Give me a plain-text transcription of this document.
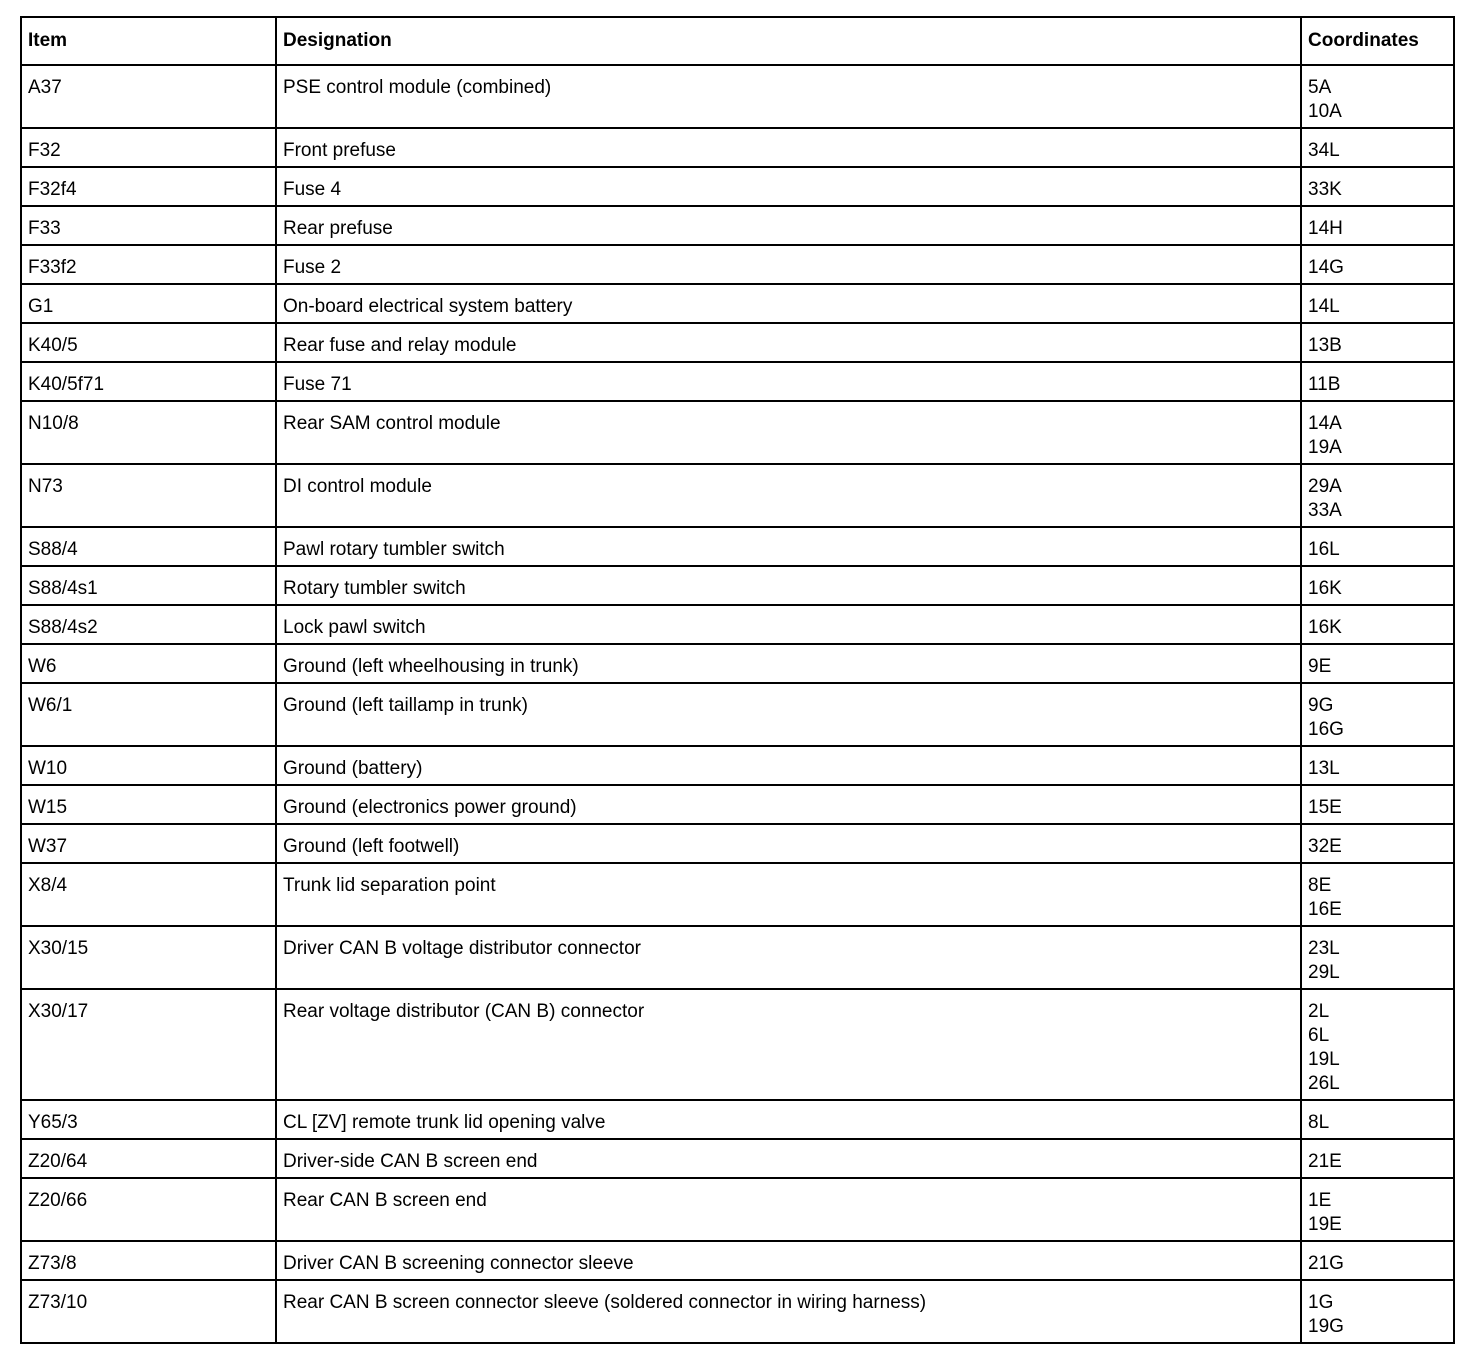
Item	Designation	Coordinates
A37	PSE control module (combined)	5A
10A

F32	Front prefuse	34L

F32f4	Fuse 4	33K

F33	Rear prefuse	14H

F33f2	Fuse 2	14G

G1	On-board electrical system battery	14L

K40/5	Rear fuse and relay module	13B

K40/5f71	Fuse 71	11B

N10/8	Rear SAM control module	14A
19A

N73	DI control module	29A
33A

S88/4	Pawl rotary tumbler switch	16L

S88/4s1	Rotary tumbler switch	16K

S88/4s2	Lock pawl switch	16K

W6	Ground (left wheelhousing in trunk)	9E

W6/1	Ground (left taillamp in trunk)	9G
16G

W10	Ground (battery)	13L

W15	Ground (electronics power ground)	15E

W37	Ground (left footwell)	32E

X8/4	Trunk lid separation point	8E
16E

X30/15	Driver CAN B voltage distributor connector	23L
29L

X30/17	Rear voltage distributor (CAN B) connector	2L
6L
19L
26L

Y65/3	CL [ZV] remote trunk lid opening valve	8L

Z20/64	Driver-side CAN B screen end	21E

Z20/66	Rear CAN B screen end	1E
19E

Z73/8	Driver CAN B screening connector sleeve	21G

Z73/10	Rear CAN B screen connector sleeve (soldered connector in wiring harness)	1G
19G
